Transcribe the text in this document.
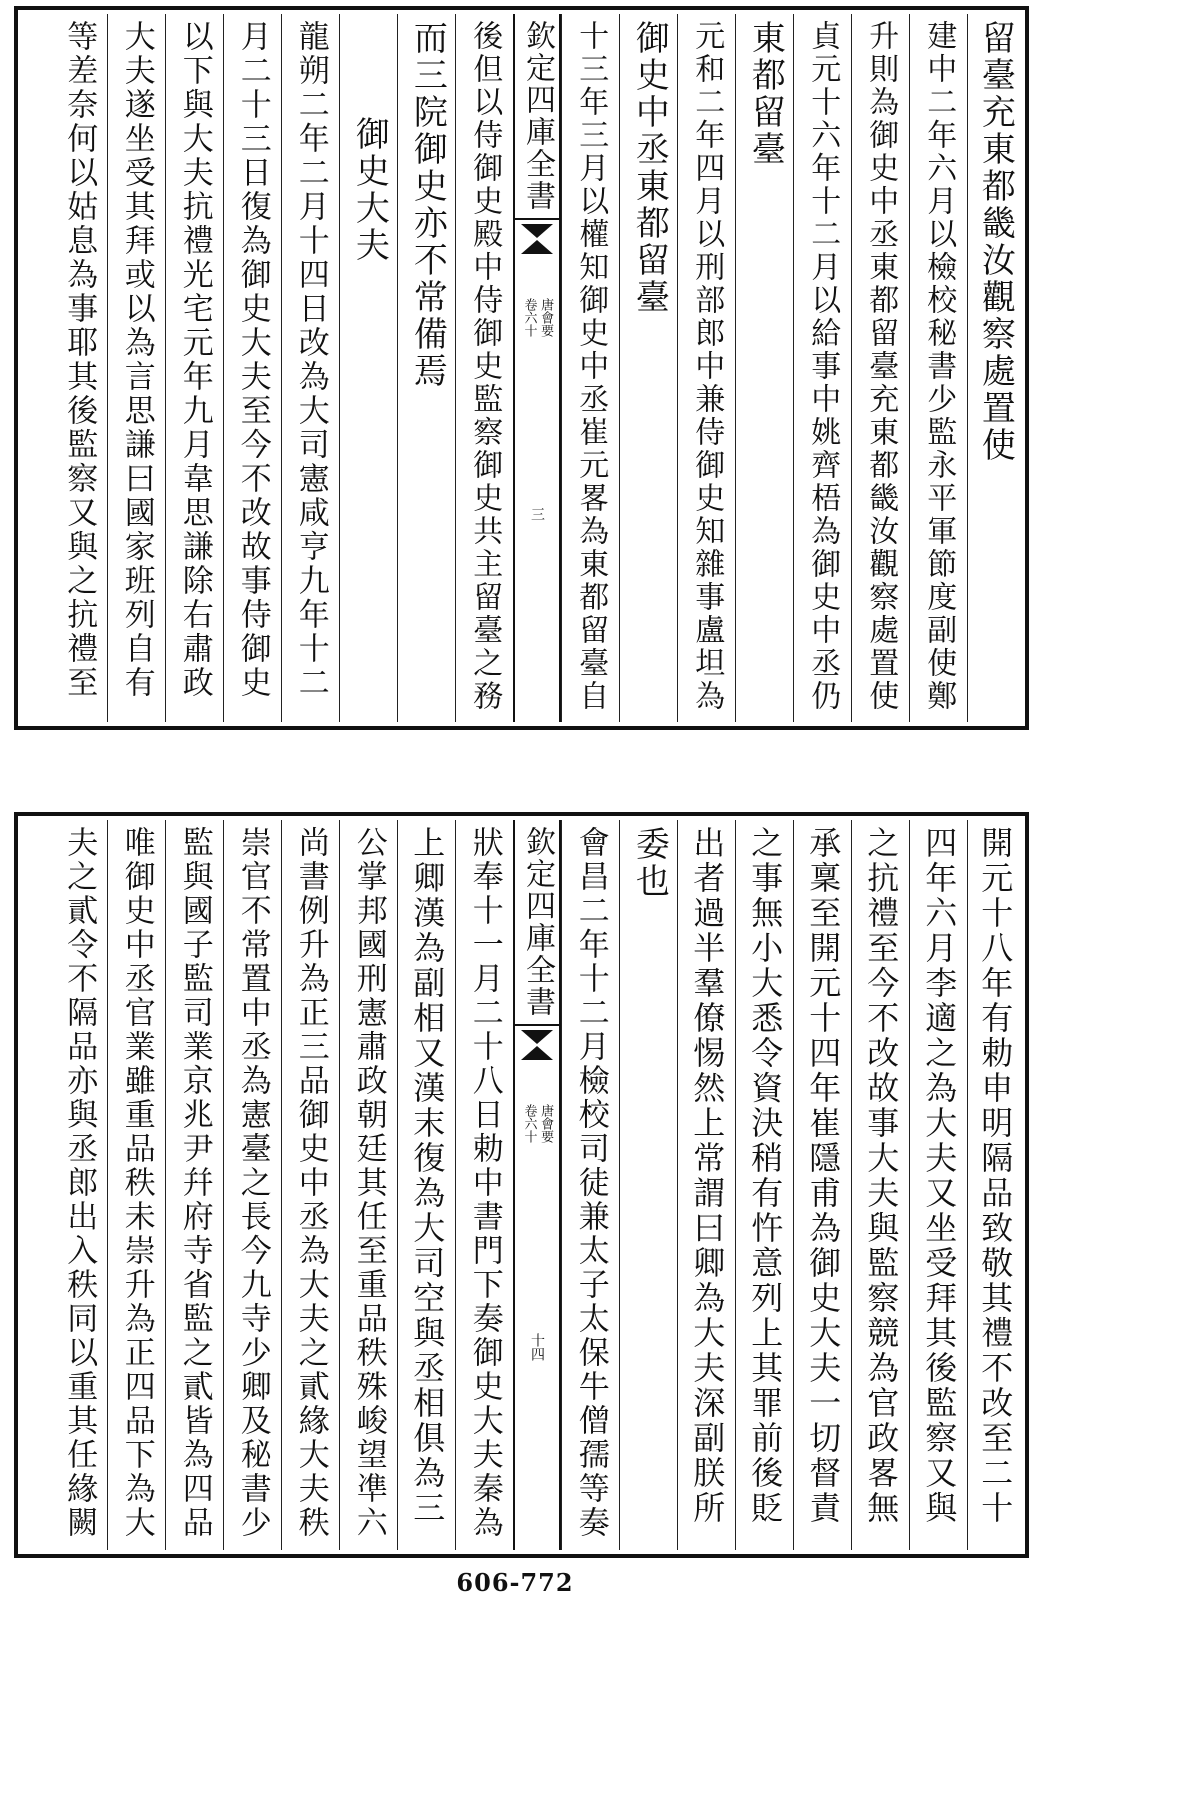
留臺充東都畿汝觀察處置使
建中二年六月以檢校秘書少監永平軍節度副使鄭
升則為御史中丞東都留臺充東都畿汝觀察處置使
貞元十六年十二月以給事中姚齊梧為御史中丞仍
東都留臺
元和二年四月以刑部郎中兼侍御史知雜事盧坦為
御史中丞東都留臺
十三年三月以權知御史中丞崔元畧為東都留臺自
欽定四庫全書
唐會要
卷六十
三
後但以侍御史殿中侍御史監察御史共主留臺之務
而三院御史亦不常備焉
御史大夫
龍朔二年二月十四日改為大司憲咸亨九年十二
月二十三日復為御史大夫至今不改故事侍御史
以下與大夫抗禮光宅元年九月韋思謙除右肅政
大夫遂坐受其拜或以為言思謙曰國家班列自有
等差奈何以姑息為事耶其後監察又與之抗禮至
開元十八年有勅申明隔品致敬其禮不改至二十
四年六月李適之為大夫又坐受拜其後監察又與
之抗禮至今不改故事大夫與監察競為官政畧無
承稟至開元十四年崔隱甫為御史大夫一切督責
之事無小大悉令資決稍有忤意列上其罪前後貶
出者過半羣僚惕然上常謂曰卿為大夫深副朕所
委也
會昌二年十二月檢校司徒兼太子太保牛僧孺等奏
欽定四庫全書
唐會要
卷六十
十四
狀奉十一月二十八日勅中書門下奏御史大夫秦為
上卿漢為副相又漢末復為大司空與丞相俱為三
公掌邦國刑憲肅政朝廷其任至重品秩殊峻望凖六
尚書例升為正三品御史中丞為大夫之貳緣大夫秩
崇官不常置中丞為憲臺之長今九寺少卿及秘書少
監與國子監司業京兆尹幷府寺省監之貳皆為四品
唯御史中丞官業雖重品秩未崇升為正四品下為大
夫之貳令不隔品亦與丞郎出入秩同以重其任緣闕
606-772
